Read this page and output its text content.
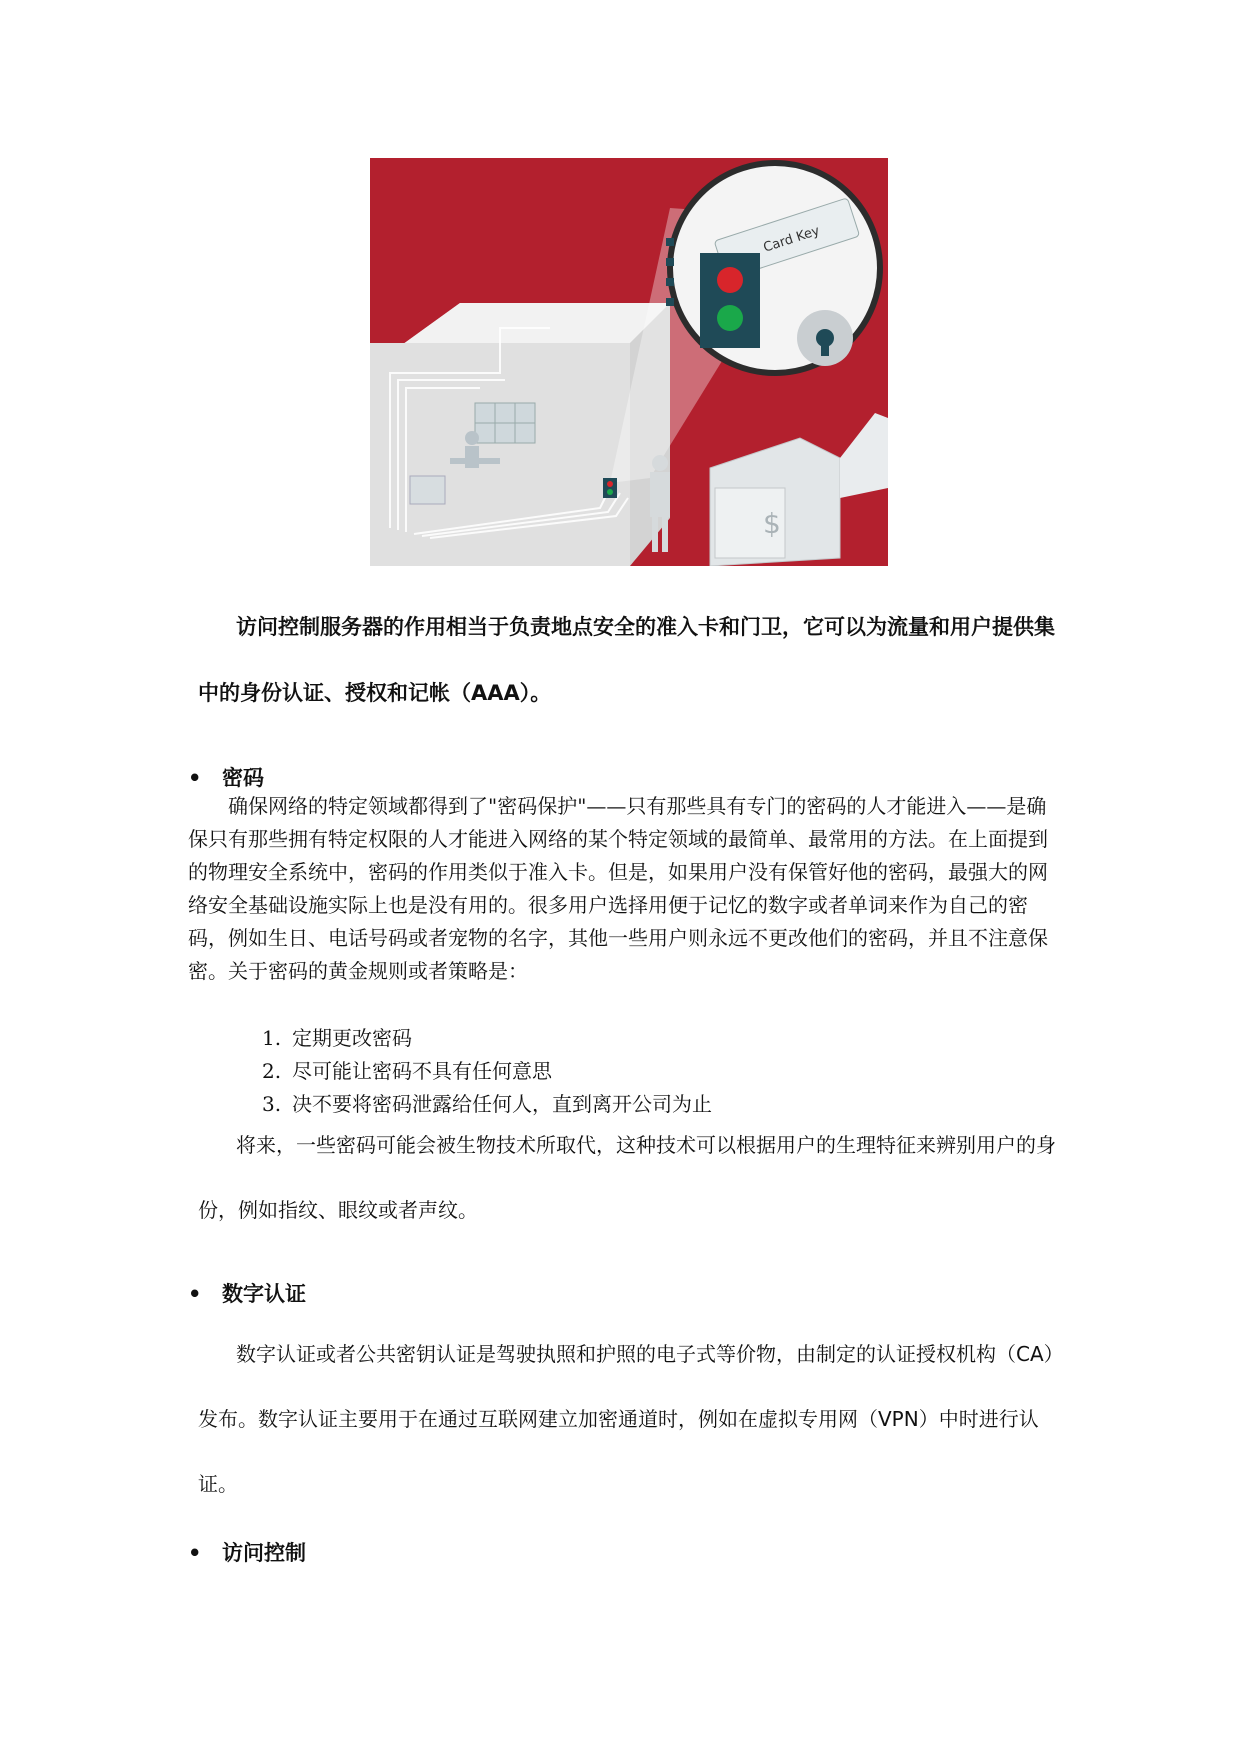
$
Card Key

访问控制服务器的作用相当于负责地点安全的准入卡和门卫，它可以为流量和用户提供集中的身份认证、授权和记帐（AAA）。

• 密码

确保网络的特定领域都得到了"密码保护"——只有那些具有专门的密码的人才能进入——是确保只有那些拥有特定权限的人才能进入网络的某个特定领域的最简单、最常用的方法。在上面提到的物理安全系统中，密码的作用类似于准入卡。但是，如果用户没有保管好他的密码，最强大的网络安全基础设施实际上也是没有用的。很多用户选择用便于记忆的数字或者单词来作为自己的密码，例如生日、电话号码或者宠物的名字，其他一些用户则永远不更改他们的密码，并且不注意保密。关于密码的黄金规则或者策略是：

1. 定期更改密码
2. 尽可能让密码不具有任何意思
3. 决不要将密码泄露给任何人，直到离开公司为止

将来，一些密码可能会被生物技术所取代，这种技术可以根据用户的生理特征来辨别用户的身份，例如指纹、眼纹或者声纹。

• 数字认证

数字认证或者公共密钥认证是驾驶执照和护照的电子式等价物，由制定的认证授权机构（CA）发布。数字认证主要用于在通过互联网建立加密通道时，例如在虚拟专用网（VPN）中时进行认证。

• 访问控制
